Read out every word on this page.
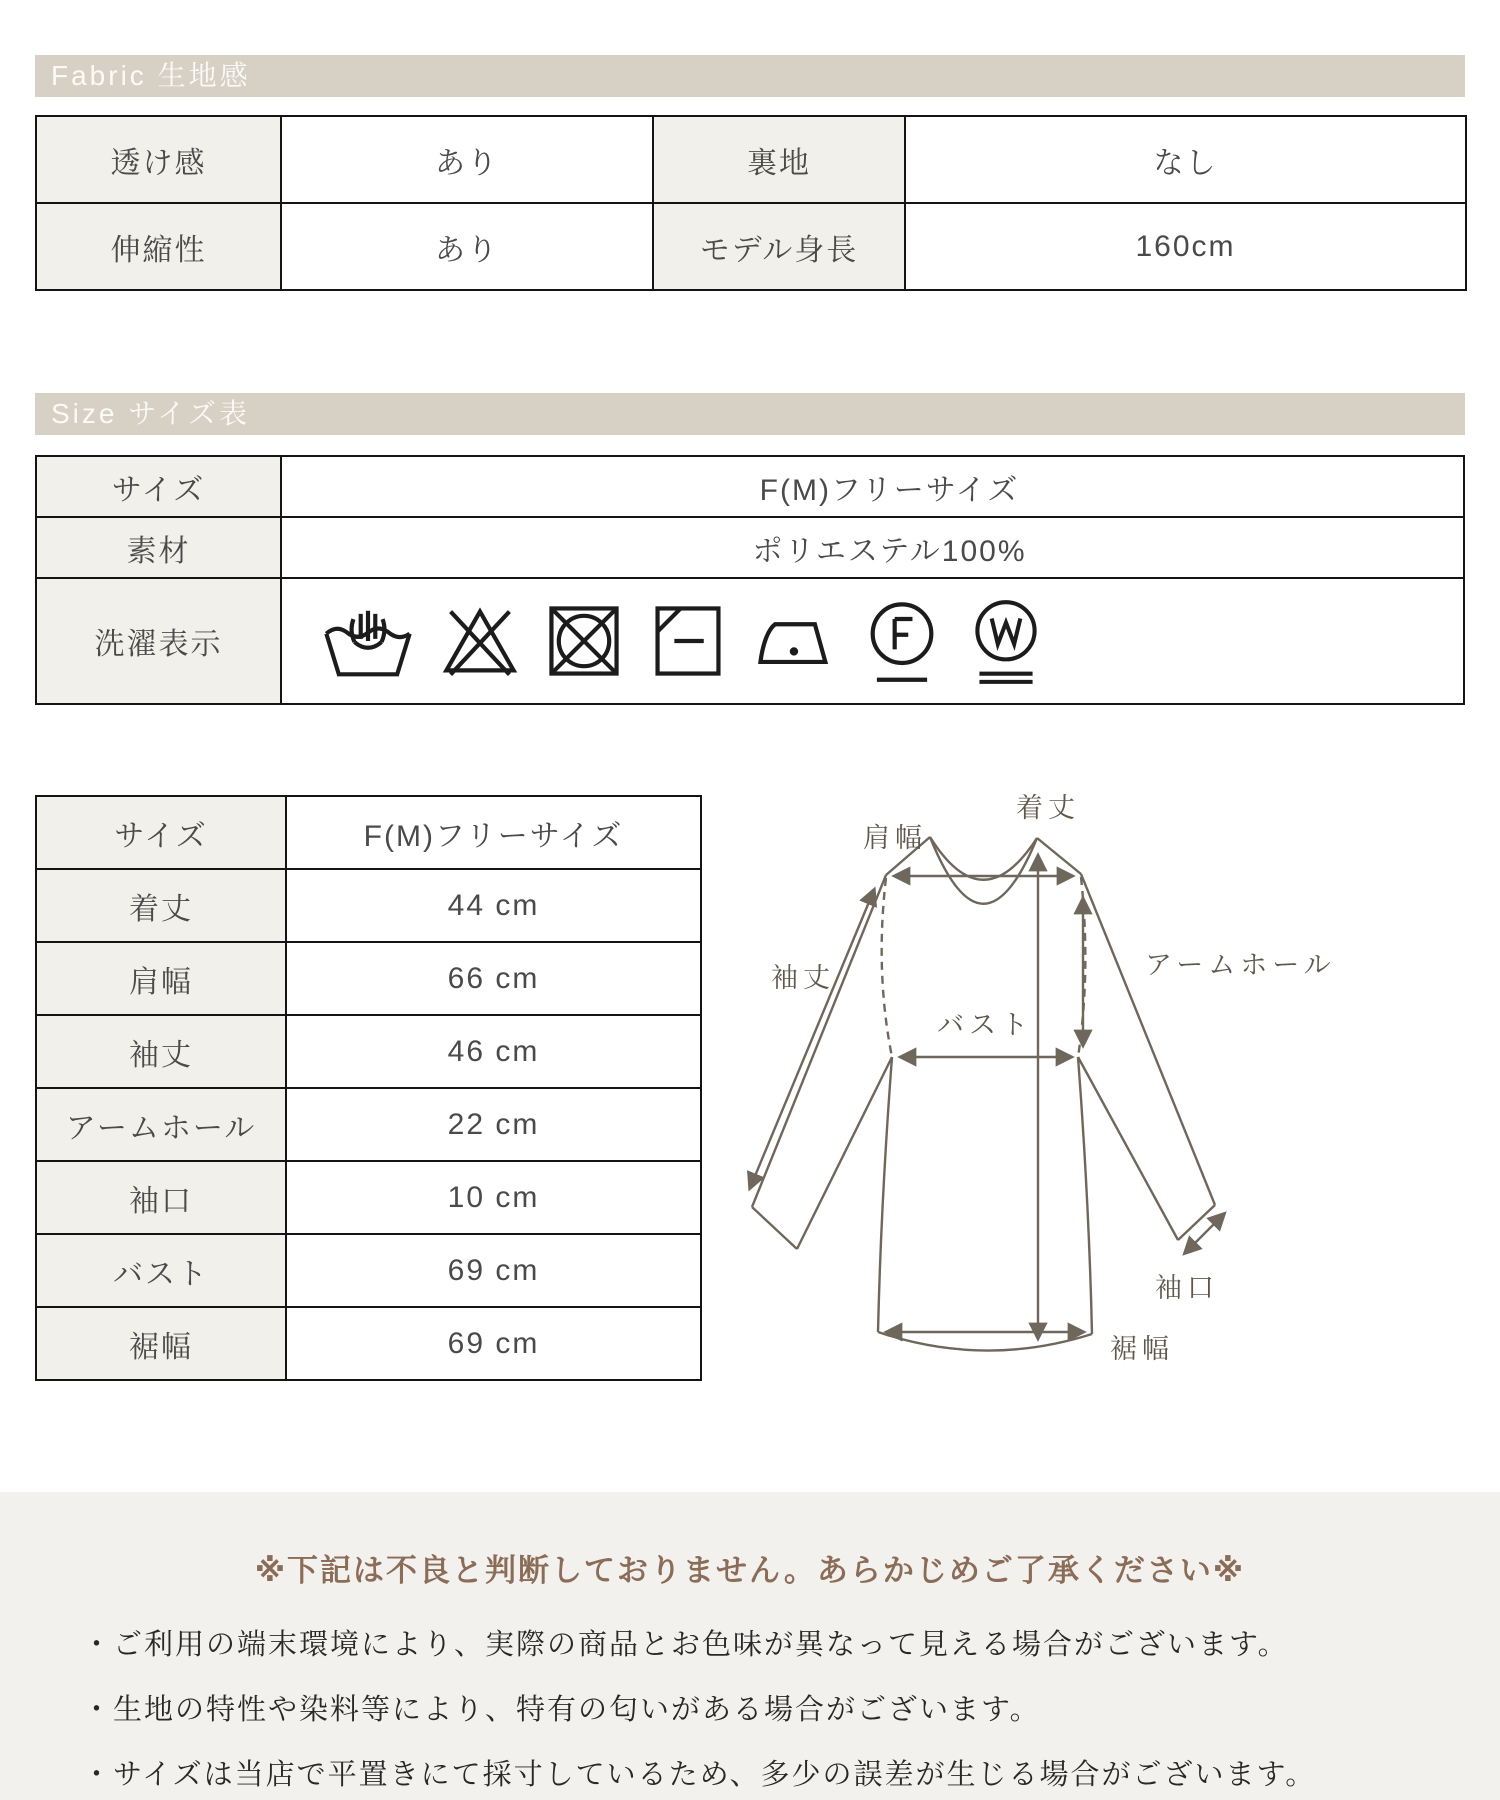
Fabric 生地感
透け感	あり	裏地	なし
伸縮性	あり	モデル身長	160cm
Size サイズ表
サイズ	F(M)フリーサイズ
素材	ポリエステル100%
洗濯表示	
サイズ	F(M)フリーサイズ
着丈	44 cm
肩幅	66 cm
袖丈	46 cm
アームホール	22 cm
袖口	10 cm
バスト	69 cm
裾幅	69 cm
着丈
肩幅
袖丈	アームホール
バスト
袖口
裾幅
※下記は不良と判断しておりません。あらかじめご了承ください※
・ご利用の端末環境により、実際の商品とお色味が異なって見える場合がございます。
・生地の特性や染料等により、特有の匂いがある場合がございます。
・サイズは当店で平置きにて採寸しているため、多少の誤差が生じる場合がございます。
